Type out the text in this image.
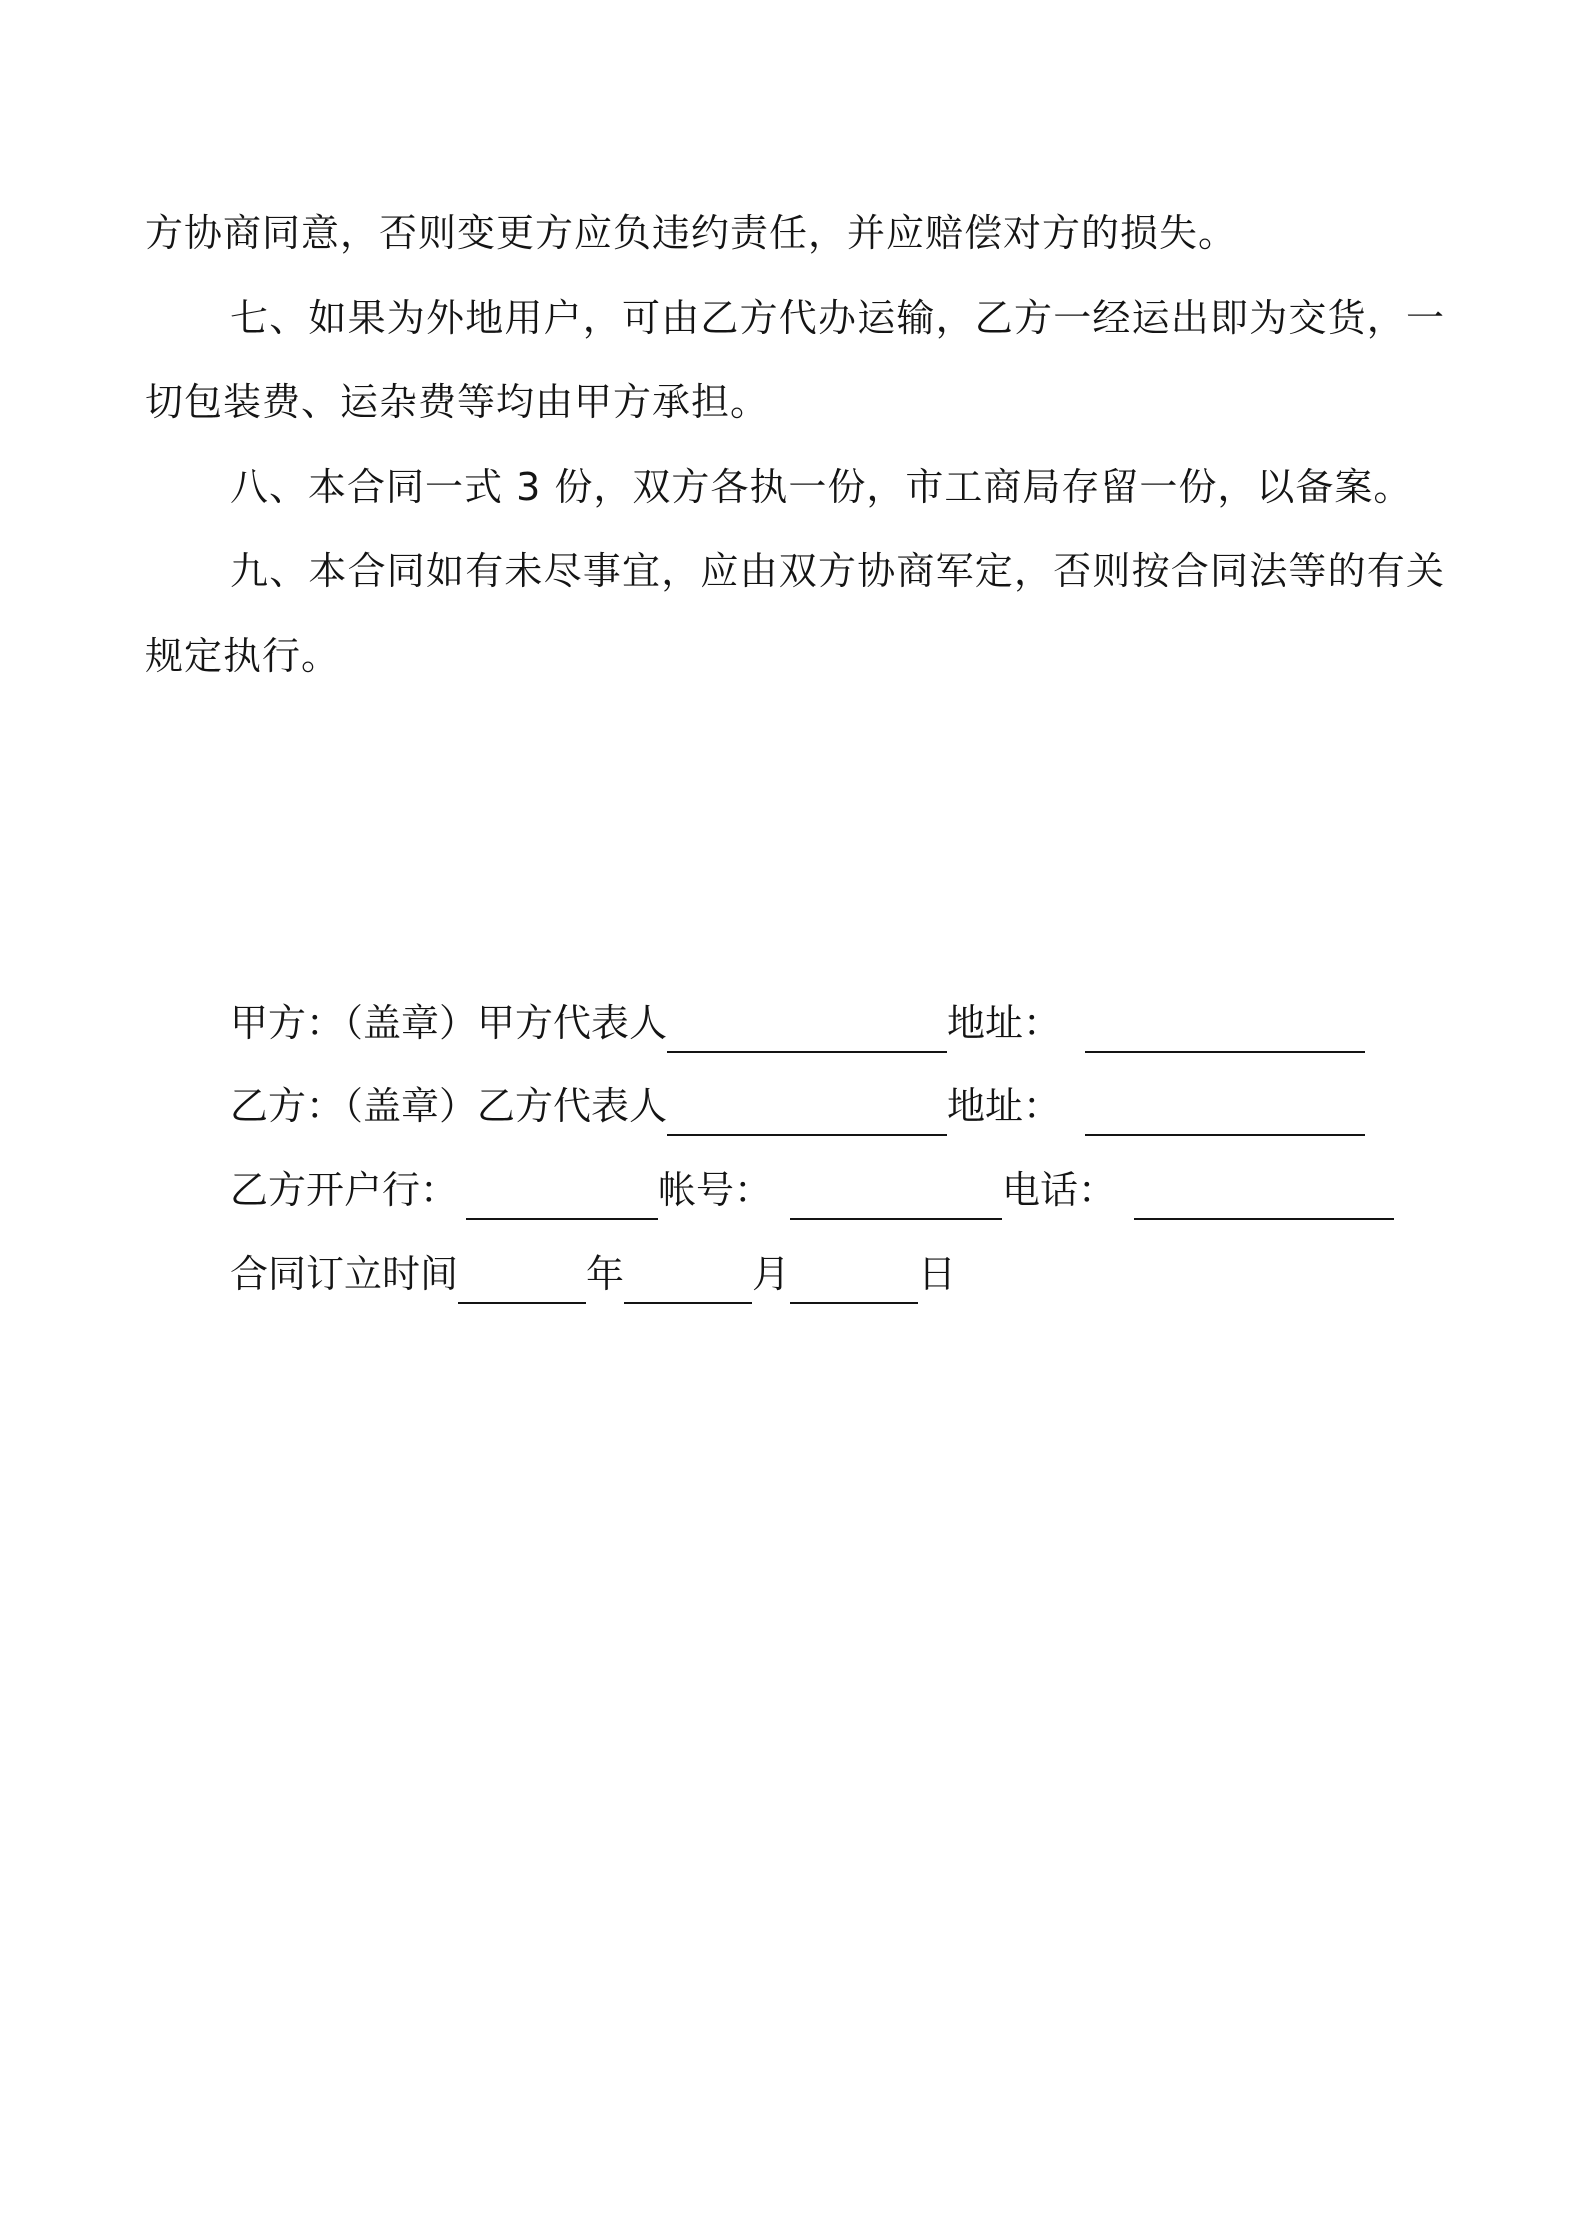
方协商同意，否则变更方应负违约责任，并应赔偿对方的损失。

七、如果为外地用户，可由乙方代办运输，乙方一经运出即为交货，一切包装费、运杂费等均由甲方承担。

八、本合同一式 3 份，双方各执一份，市工商局存留一份，以备案。

九、本合同如有未尽事宜，应由双方协商军定，否则按合同法等的有关规定执行。

甲方：（盖章）甲方代表人	地址：
乙方：（盖章）乙方代表人	地址：
乙方开户行：	帐号：	电话：
合同订立时间	年	月	日
